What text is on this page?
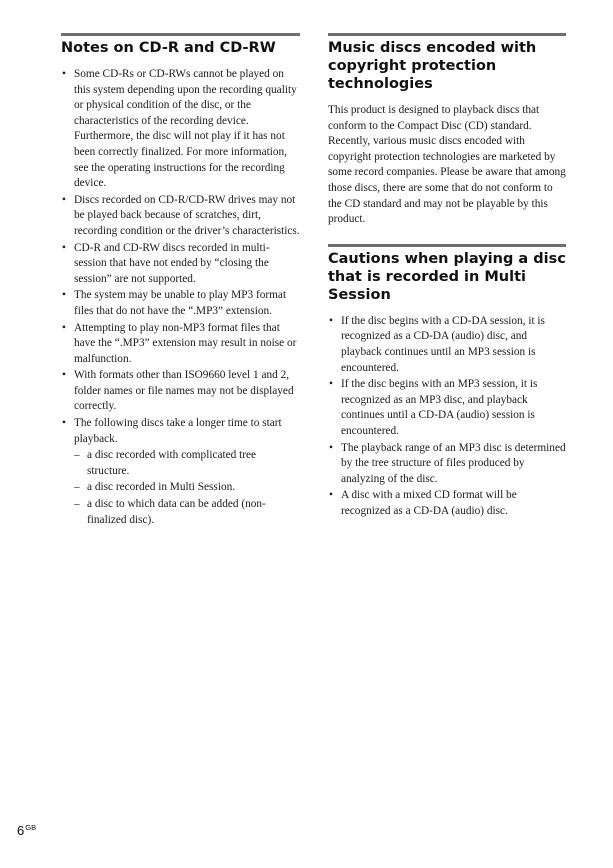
Notes on CD-R and CD-RW
• Some CD-Rs or CD-RWs cannot be played on this system depending upon the recording quality or physical condition of the disc, or the characteristics of the recording device. Furthermore, the disc will not play if it has not been correctly finalized. For more information, see the operating instructions for the recording device.
• Discs recorded on CD-R/CD-RW drives may not be played back because of scratches, dirt, recording condition or the driver’s characteristics.
• CD-R and CD-RW discs recorded in multi-session that have not ended by “closing the session” are not supported.
• The system may be unable to play MP3 format files that do not have the “.MP3” extension.
• Attempting to play non-MP3 format files that have the “.MP3” extension may result in noise or malfunction.
• With formats other than ISO9660 level 1 and 2, folder names or file names may not be displayed correctly.
• The following discs take a longer time to start playback.
– a disc recorded with complicated tree structure.
– a disc recorded in Multi Session.
– a disc to which data can be added (non-finalized disc).
Music discs encoded with copyright protection technologies

This product is designed to playback discs that conform to the Compact Disc (CD) standard. Recently, various music discs encoded with copyright protection technologies are marketed by some record companies. Please be aware that among those discs, there are some that do not conform to the CD standard and may not be playable by this product.

Cautions when playing a disc that is recorded in Multi Session
• If the disc begins with a CD-DA session, it is recognized as a CD-DA (audio) disc, and playback continues until an MP3 session is encountered.
• If the disc begins with an MP3 session, it is recognized as an MP3 disc, and playback continues until a CD-DA (audio) session is encountered.
• The playback range of an MP3 disc is determined by the tree structure of files produced by analyzing of the disc.
• A disc with a mixed CD format will be recognized as a CD-DA (audio) disc.
$6^{GB}$
